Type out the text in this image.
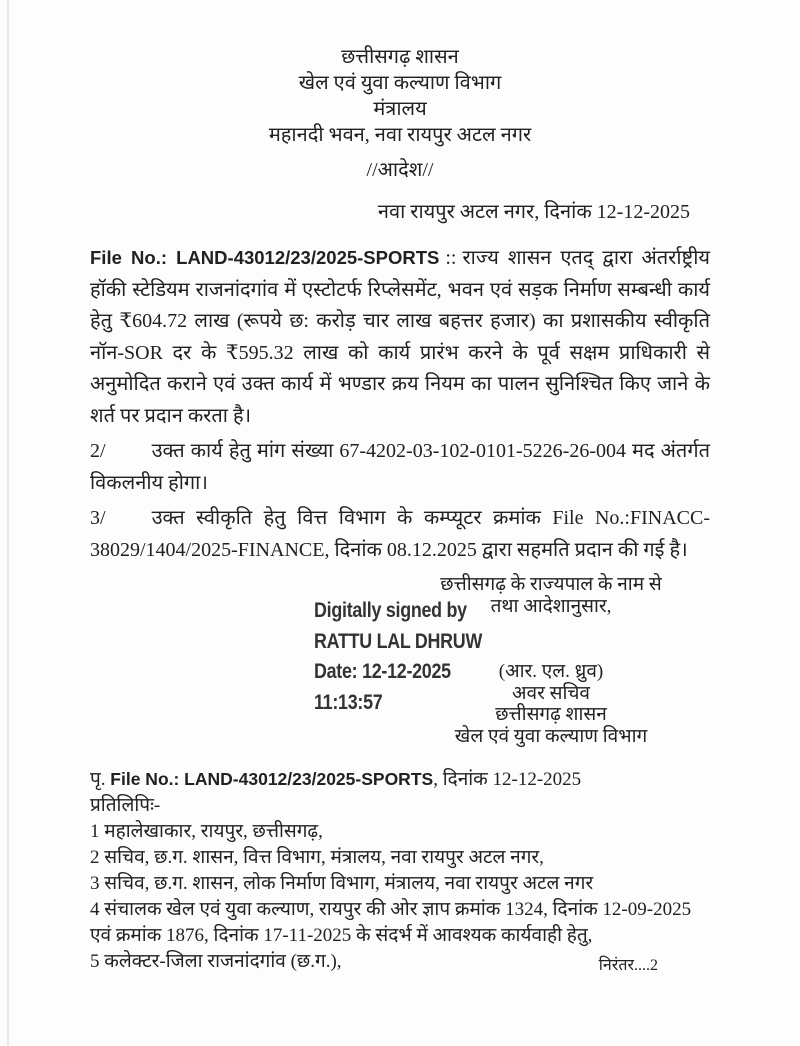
छत्तीसगढ़ शासन
खेल एवं युवा कल्याण विभाग
मंत्रालय
महानदी भवन, नवा रायपुर अटल नगर
//आदेश//
नवा रायपुर अटल नगर, दिनांक 12-12-2025

File No.: LAND-43012/23/2025-SPORTS :: राज्य शासन एतद् द्वारा अंतर्राष्ट्रीय हॉकी स्टेडियम राजनांदगांव में एस्टोटर्फ रिप्लेसमेंट, भवन एवं सड़क निर्माण सम्बन्धी कार्य हेतु ₹604.72 लाख (रूपये छ: करोड़ चार लाख बहत्तर हजार) का प्रशासकीय स्वीकृति नॉन-SOR दर के ₹595.32 लाख को कार्य प्रारंभ करने के पूर्व सक्षम प्राधिकारी से अनुमोदित कराने एवं उक्त कार्य में भण्डार क्रय नियम का पालन सुनिश्चित किए जाने के शर्त पर प्रदान करता है।

2/ उक्त कार्य हेतु मांग संख्या 67-4202-03-102-0101-5226-26-004 मद अंतर्गत विकलनीय होगा।

3/ उक्त स्वीकृति हेतु वित्त विभाग के कम्प्यूटर क्रमांक File No.:FINACC-38029/1404/2025-FINANCE, दिनांक 08.12.2025 द्वारा सहमति प्रदान की गई है।

Digitally signed by
RATTU LAL DHRUW
Date: 12-12-2025
11:13:57
छत्तीसगढ़ के राज्यपाल के नाम से
तथा आदेशानुसार,
(आर. एल. ध्रुव)
अवर सचिव
छत्तीसगढ़ शासन
खेल एवं युवा कल्याण विभाग
पृ. File No.: LAND-43012/23/2025-SPORTS, दिनांक 12-12-2025
प्रतिलिपिः-
1 महालेखाकार, रायपुर, छत्तीसगढ़,
2 सचिव, छ.ग. शासन, वित्त विभाग, मंत्रालय, नवा रायपुर अटल नगर,
3 सचिव, छ.ग. शासन, लोक निर्माण विभाग, मंत्रालय, नवा रायपुर अटल नगर
4 संचालक खेल एवं युवा कल्याण, रायपुर की ओर ज्ञाप क्रमांक 1324, दिनांक 12-09-2025 एवं क्रमांक 1876, दिनांक 17-11-2025 के संदर्भ में आवश्यक कार्यवाही हेतु,
5 कलेक्टर-जिला राजनांदगांव (छ.ग.),	निरंतर....2
